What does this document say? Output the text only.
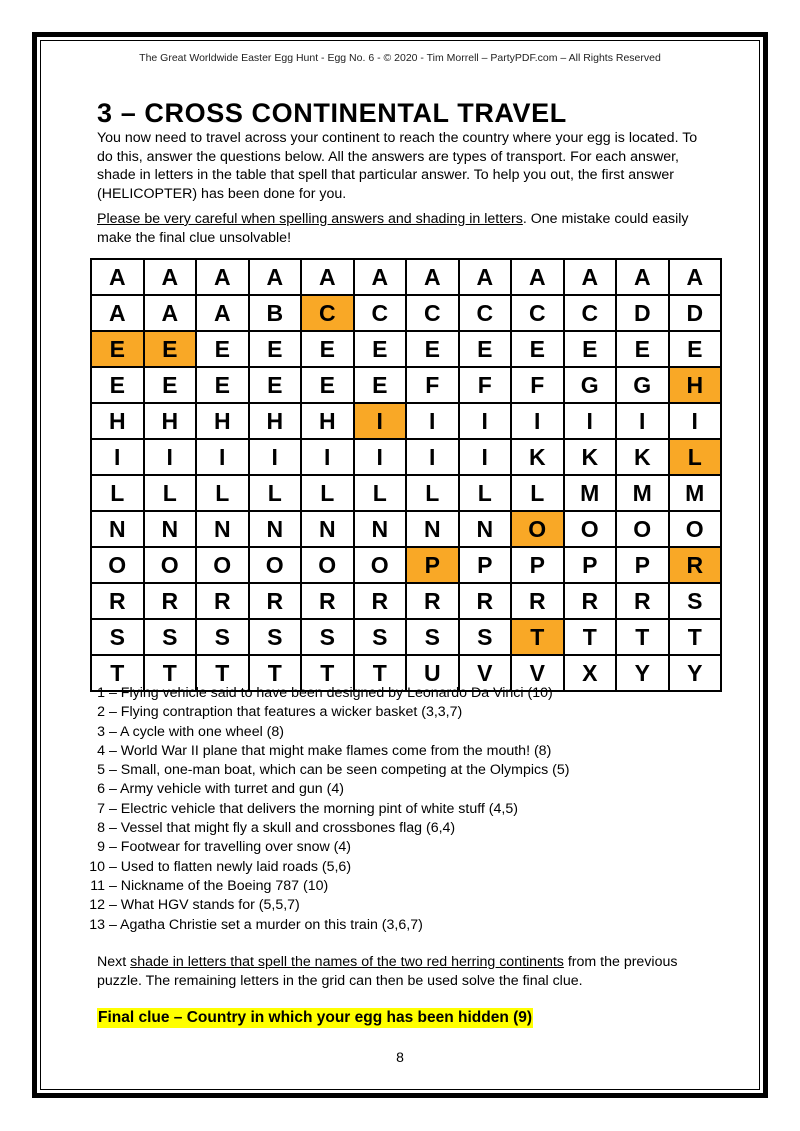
The Great Worldwide Easter Egg Hunt - Egg No. 6 - © 2020 - Tim Morrell – PartyPDF.com – All Rights Reserved
3 – CROSS CONTINENTAL TRAVEL

You now need to travel across your continent to reach the country where your egg is located. To do this, answer the questions below. All the answers are types of transport. For each answer, shade in letters in the table that spell that particular answer. To help you out, the first answer (HELICOPTER) has been done for you.

Please be very careful when spelling answers and shading in letters. One mistake could easily make the final clue unsolvable!

A	A	A	A	A	A	A	A	A	A	A	A
A	A	A	B	C	C	C	C	C	C	D	D
E	E	E	E	E	E	E	E	E	E	E	E
E	E	E	E	E	E	F	F	F	G	G	H
H	H	H	H	H	I	I	I	I	I	I	I
I	I	I	I	I	I	I	I	K	K	K	L
L	L	L	L	L	L	L	L	L	M	M	M
N	N	N	N	N	N	N	N	O	O	O	O
O	O	O	O	O	O	P	P	P	P	P	R
R	R	R	R	R	R	R	R	R	R	R	S
S	S	S	S	S	S	S	S	T	T	T	T
T	T	T	T	T	T	U	V	V	X	Y	Y
1 – Flying vehicle said to have been designed by Leonardo Da Vinci (10)
2 – Flying contraption that features a wicker basket (3,3,7)
3 – A cycle with one wheel (8)
4 – World War II plane that might make flames come from the mouth! (8)
5 – Small, one-man boat, which can be seen competing at the Olympics (5)
6 – Army vehicle with turret and gun (4)
7 – Electric vehicle that delivers the morning pint of white stuff (4,5)
8 – Vessel that might fly a skull and crossbones flag (6,4)
9 – Footwear for travelling over snow (4)
10 – Used to flatten newly laid roads (5,6)
11 – Nickname of the Boeing 787 (10)
12 – What HGV stands for (5,5,7)
13 – Agatha Christie set a murder on this train (3,6,7)

Next shade in letters that spell the names of the two red herring continents from the previous puzzle. The remaining letters in the grid can then be used solve the final clue.

Final clue – Country in which your egg has been hidden (9)
8
